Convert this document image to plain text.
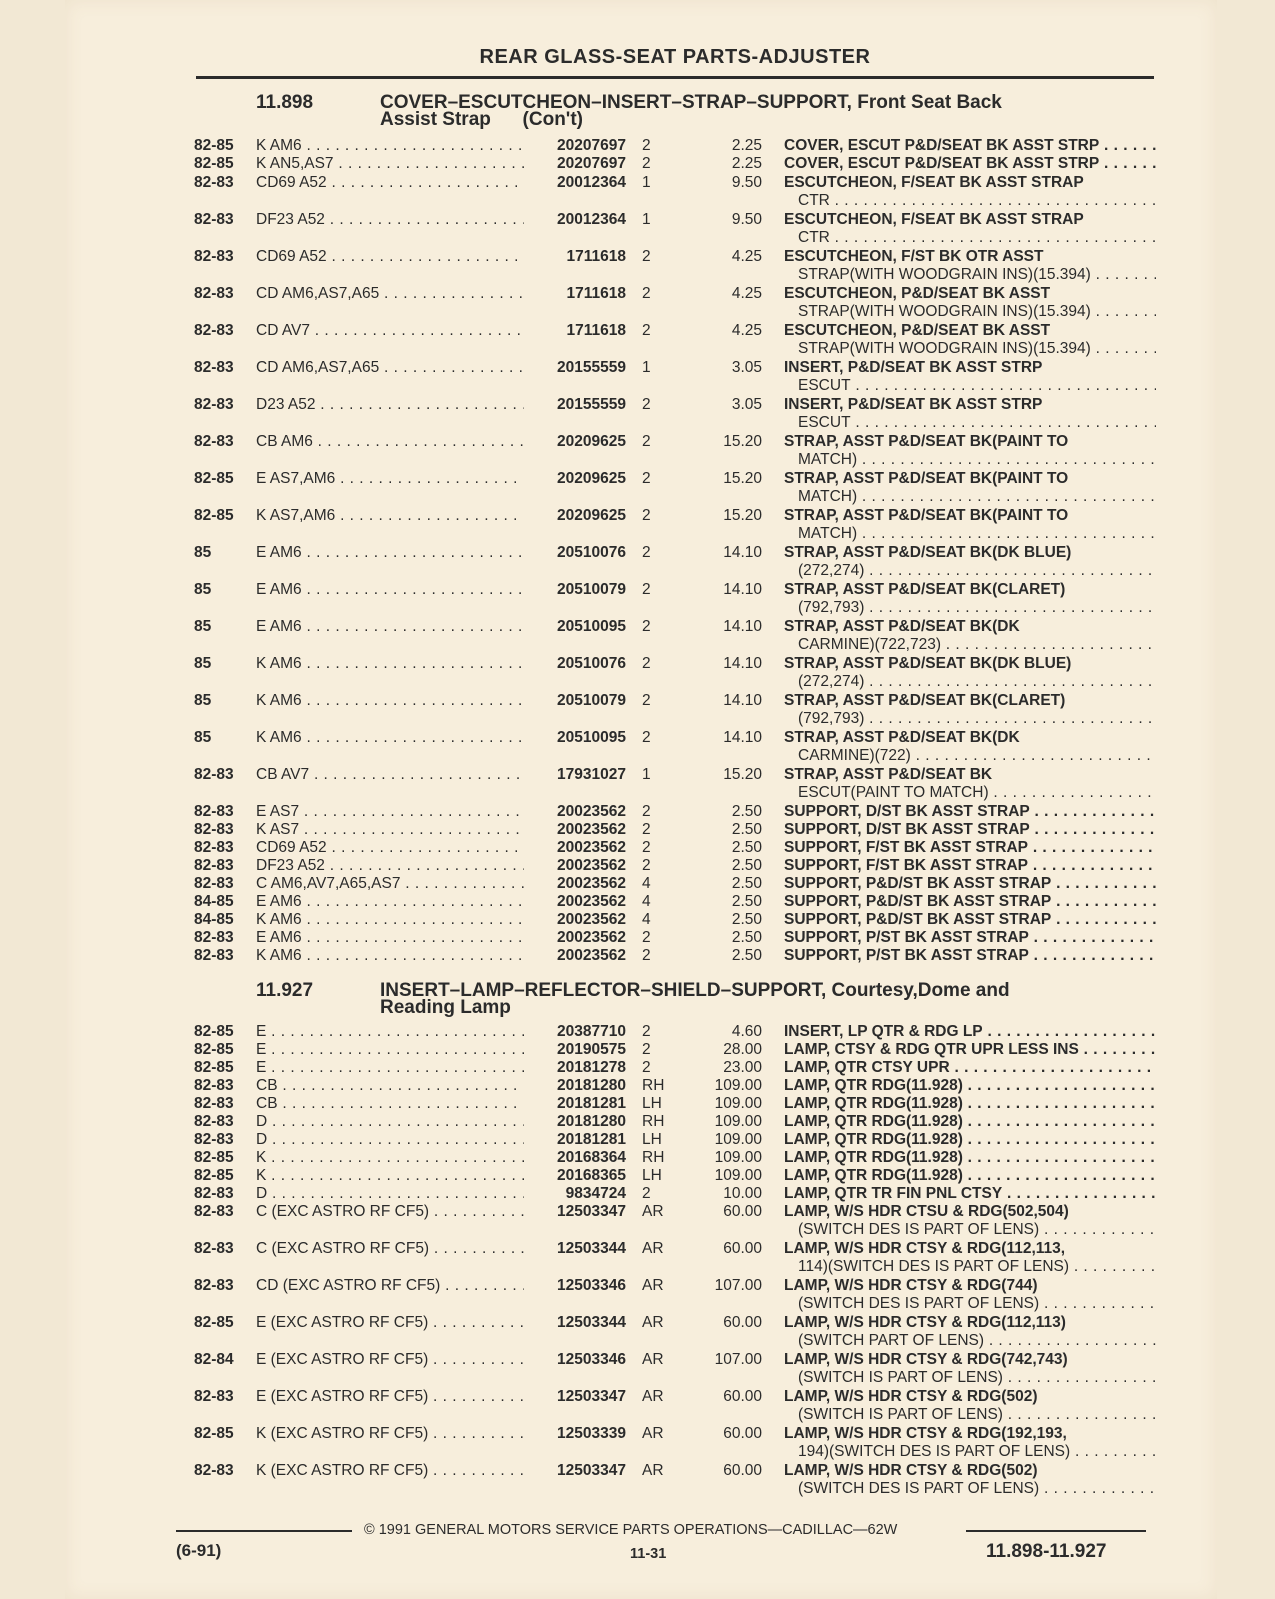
REAR GLASS-SEAT PARTS-ADJUSTER
11.898	COVER–ESCUTCHEON–INSERT–STRAP–SUPPORT, Front Seat Back
Assist Strap      (Con't)
11.927	INSERT–LAMP–REFLECTOR–SHIELD–SUPPORT, Courtesy,Dome and
Reading Lamp
82-85	K AM6 . . .	20207697 2	2.25 COVER, ESCUT P&D/SEAT BK ASST STRP . . .
82-85	K AN5,AS7 . . .	20207697 2	2.25 COVER, ESCUT P&D/SEAT BK ASST STRP . . .
82-83	CD69 A52 . . .	20012364 1	9.50 ESCUTCHEON, F/SEAT BK ASST STRAP
CTR . . .
82-83	DF23 A52 . . .	20012364 1	9.50 ESCUTCHEON, F/SEAT BK ASST STRAP
CTR . . .
82-83	CD69 A52 . . .	1711618 2	4.25 ESCUTCHEON, F/ST BK OTR ASST
STRAP(WITH WOODGRAIN INS)(15.394) . . .
82-83	CD AM6,AS7,A65 . . .	1711618 2	4.25 ESCUTCHEON, P&D/SEAT BK ASST
STRAP(WITH WOODGRAIN INS)(15.394) . . .
82-83	CD AV7 . . .	1711618 2	4.25 ESCUTCHEON, P&D/SEAT BK ASST
STRAP(WITH WOODGRAIN INS)(15.394) . . .
82-83	CD AM6,AS7,A65 . . .	20155559 1	3.05 INSERT, P&D/SEAT BK ASST STRP
ESCUT . . .
82-83	D23 A52 . . .	20155559 2	3.05 INSERT, P&D/SEAT BK ASST STRP
ESCUT . . .
82-83	CB AM6 . . .	20209625 2	15.20 STRAP, ASST P&D/SEAT BK(PAINT TO
MATCH) . . .
82-85	E AS7,AM6 . . .	20209625 2	15.20 STRAP, ASST P&D/SEAT BK(PAINT TO
MATCH) . . .
82-85	K AS7,AM6 . . .	20209625 2	15.20 STRAP, ASST P&D/SEAT BK(PAINT TO
MATCH) . . .
85	E AM6 . . .	20510076 2	14.10 STRAP, ASST P&D/SEAT BK(DK BLUE)
(272,274) . . .
85	E AM6 . . .	20510079 2	14.10 STRAP, ASST P&D/SEAT BK(CLARET)
(792,793) . . .
85	E AM6 . . .	20510095 2	14.10 STRAP, ASST P&D/SEAT BK(DK
CARMINE)(722,723) . . .
85	K AM6 . . .	20510076 2	14.10 STRAP, ASST P&D/SEAT BK(DK BLUE)
(272,274) . . .
85	K AM6 . . .	20510079 2	14.10 STRAP, ASST P&D/SEAT BK(CLARET)
(792,793) . . .
85	K AM6 . . .	20510095 2	14.10 STRAP, ASST P&D/SEAT BK(DK
CARMINE)(722) . . .
82-83	CB AV7 . . .	17931027 1	15.20 STRAP, ASST P&D/SEAT BK
ESCUT(PAINT TO MATCH) . . .
82-83	E AS7 . . .	20023562 2	2.50 SUPPORT, D/ST BK ASST STRAP . . .
82-83	K AS7 . . .	20023562 2	2.50 SUPPORT, D/ST BK ASST STRAP . . .
82-83	CD69 A52 . . .	20023562 2	2.50 SUPPORT, F/ST BK ASST STRAP . . .
82-83	DF23 A52 . . .	20023562 2	2.50 SUPPORT, F/ST BK ASST STRAP . . .
82-83	C AM6,AV7,A65,AS7 . . .	20023562 4	2.50 SUPPORT, P&D/ST BK ASST STRAP . . .
84-85	E AM6 . . .	20023562 4	2.50 SUPPORT, P&D/ST BK ASST STRAP . . .
84-85	K AM6 . . .	20023562 4	2.50 SUPPORT, P&D/ST BK ASST STRAP . . .
82-83	E AM6 . . .	20023562 2	2.50 SUPPORT, P/ST BK ASST STRAP . . .
82-83	K AM6 . . .	20023562 2	2.50 SUPPORT, P/ST BK ASST STRAP . . .
82-85	E . . .	20387710 2	4.60 INSERT, LP QTR & RDG LP . . .
82-85	E . . .	20190575 2	28.00 LAMP, CTSY & RDG QTR UPR LESS INS . . .
82-85	E . . .	20181278 2	23.00 LAMP, QTR CTSY UPR . . .
82-83	CB . . .	20181280 RH	109.00 LAMP, QTR RDG(11.928) . . .
82-83	CB . . .	20181281 LH	109.00 LAMP, QTR RDG(11.928) . . .
82-83	D . . .	20181280 RH	109.00 LAMP, QTR RDG(11.928) . . .
82-83	D . . .	20181281 LH	109.00 LAMP, QTR RDG(11.928) . . .
82-85	K . . .	20168364 RH	109.00 LAMP, QTR RDG(11.928) . . .
82-85	K . . .	20168365 LH	109.00 LAMP, QTR RDG(11.928) . . .
82-83	D . . .	9834724 2	10.00 LAMP, QTR TR FIN PNL CTSY . . .
82-83	C (EXC ASTRO RF CF5) . . .	12503347 AR	60.00 LAMP, W/S HDR CTSU & RDG(502,504)
(SWITCH DES IS PART OF LENS) . . .
82-83	C (EXC ASTRO RF CF5) . . .	12503344 AR	60.00 LAMP, W/S HDR CTSY & RDG(112,113,
114)(SWITCH DES IS PART OF LENS) . . .
82-83	CD (EXC ASTRO RF CF5) . . .	12503346 AR	107.00 LAMP, W/S HDR CTSY & RDG(744)
(SWITCH DES IS PART OF LENS) . . .
82-85	E (EXC ASTRO RF CF5) . . .	12503344 AR	60.00 LAMP, W/S HDR CTSY & RDG(112,113)
(SWITCH PART OF LENS) . . .
82-84	E (EXC ASTRO RF CF5) . . .	12503346 AR	107.00 LAMP, W/S HDR CTSY & RDG(742,743)
(SWITCH IS PART OF LENS) . . .
82-83	E (EXC ASTRO RF CF5) . . .	12503347 AR	60.00 LAMP, W/S HDR CTSY & RDG(502)
(SWITCH IS PART OF LENS) . . .
82-85	K (EXC ASTRO RF CF5) . . .	12503339 AR	60.00 LAMP, W/S HDR CTSY & RDG(192,193,
194)(SWITCH DES IS PART OF LENS) . . .
82-83	K (EXC ASTRO RF CF5) . . .	12503347 AR	60.00 LAMP, W/S HDR CTSY & RDG(502)
(SWITCH DES IS PART OF LENS) . . .
© 1991 GENERAL MOTORS SERVICE PARTS OPERATIONS—CADILLAC—62W
(6-91)	11-31	11.898-11.927
